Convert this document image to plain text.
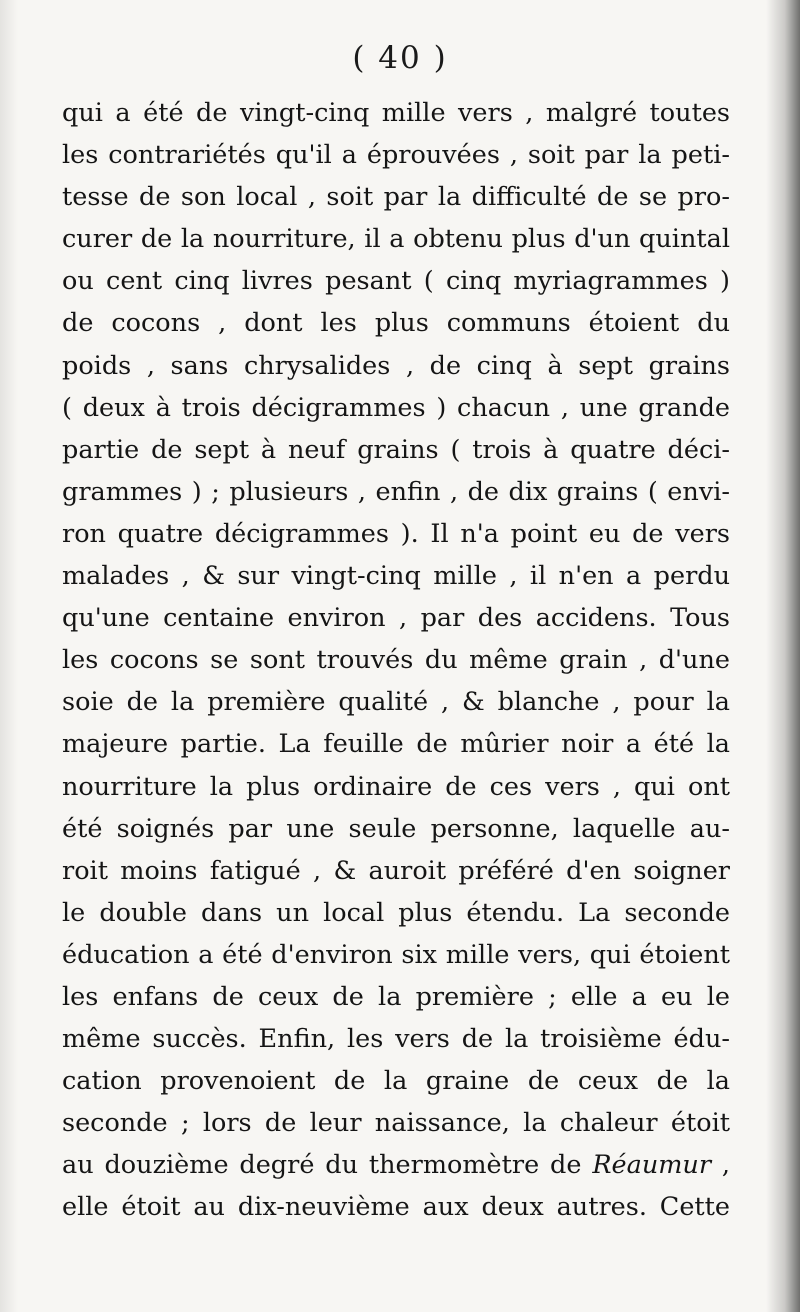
( 40 )
qui a été de vingt-cinq mille vers , malgré toutes
les contrariétés qu'il a éprouvées , soit par la peti-
tesse de son local , soit par la difficulté de se pro-
curer de la nourriture, il a obtenu plus d'un quintal
ou cent cinq livres pesant ( cinq myriagrammes )
de cocons , dont les plus communs étoient du
poids , sans chrysalides , de cinq à sept grains
( deux à trois décigrammes ) chacun , une grande
partie de sept à neuf grains ( trois à quatre déci-
grammes ) ; plusieurs , enfin , de dix grains ( envi-
ron quatre décigrammes ). Il n'a point eu de vers
malades , & sur vingt-cinq mille , il n'en a perdu
qu'une centaine environ , par des accidens. Tous
les cocons se sont trouvés du même grain , d'une
soie de la première qualité , & blanche , pour la
majeure partie. La feuille de mûrier noir a été la
nourriture la plus ordinaire de ces vers , qui ont
été soignés par une seule personne, laquelle au-
roit moins fatigué , & auroit préféré d'en soigner
le double dans un local plus étendu. La seconde
éducation a été d'environ six mille vers, qui étoient
les enfans de ceux de la première ; elle a eu le
même succès. Enfin, les vers de la troisième édu-
cation provenoient de la graine de ceux de la
seconde ; lors de leur naissance, la chaleur étoit
au douzième degré du thermomètre de Réaumur ,
elle étoit au dix-neuvième aux deux autres. Cette
